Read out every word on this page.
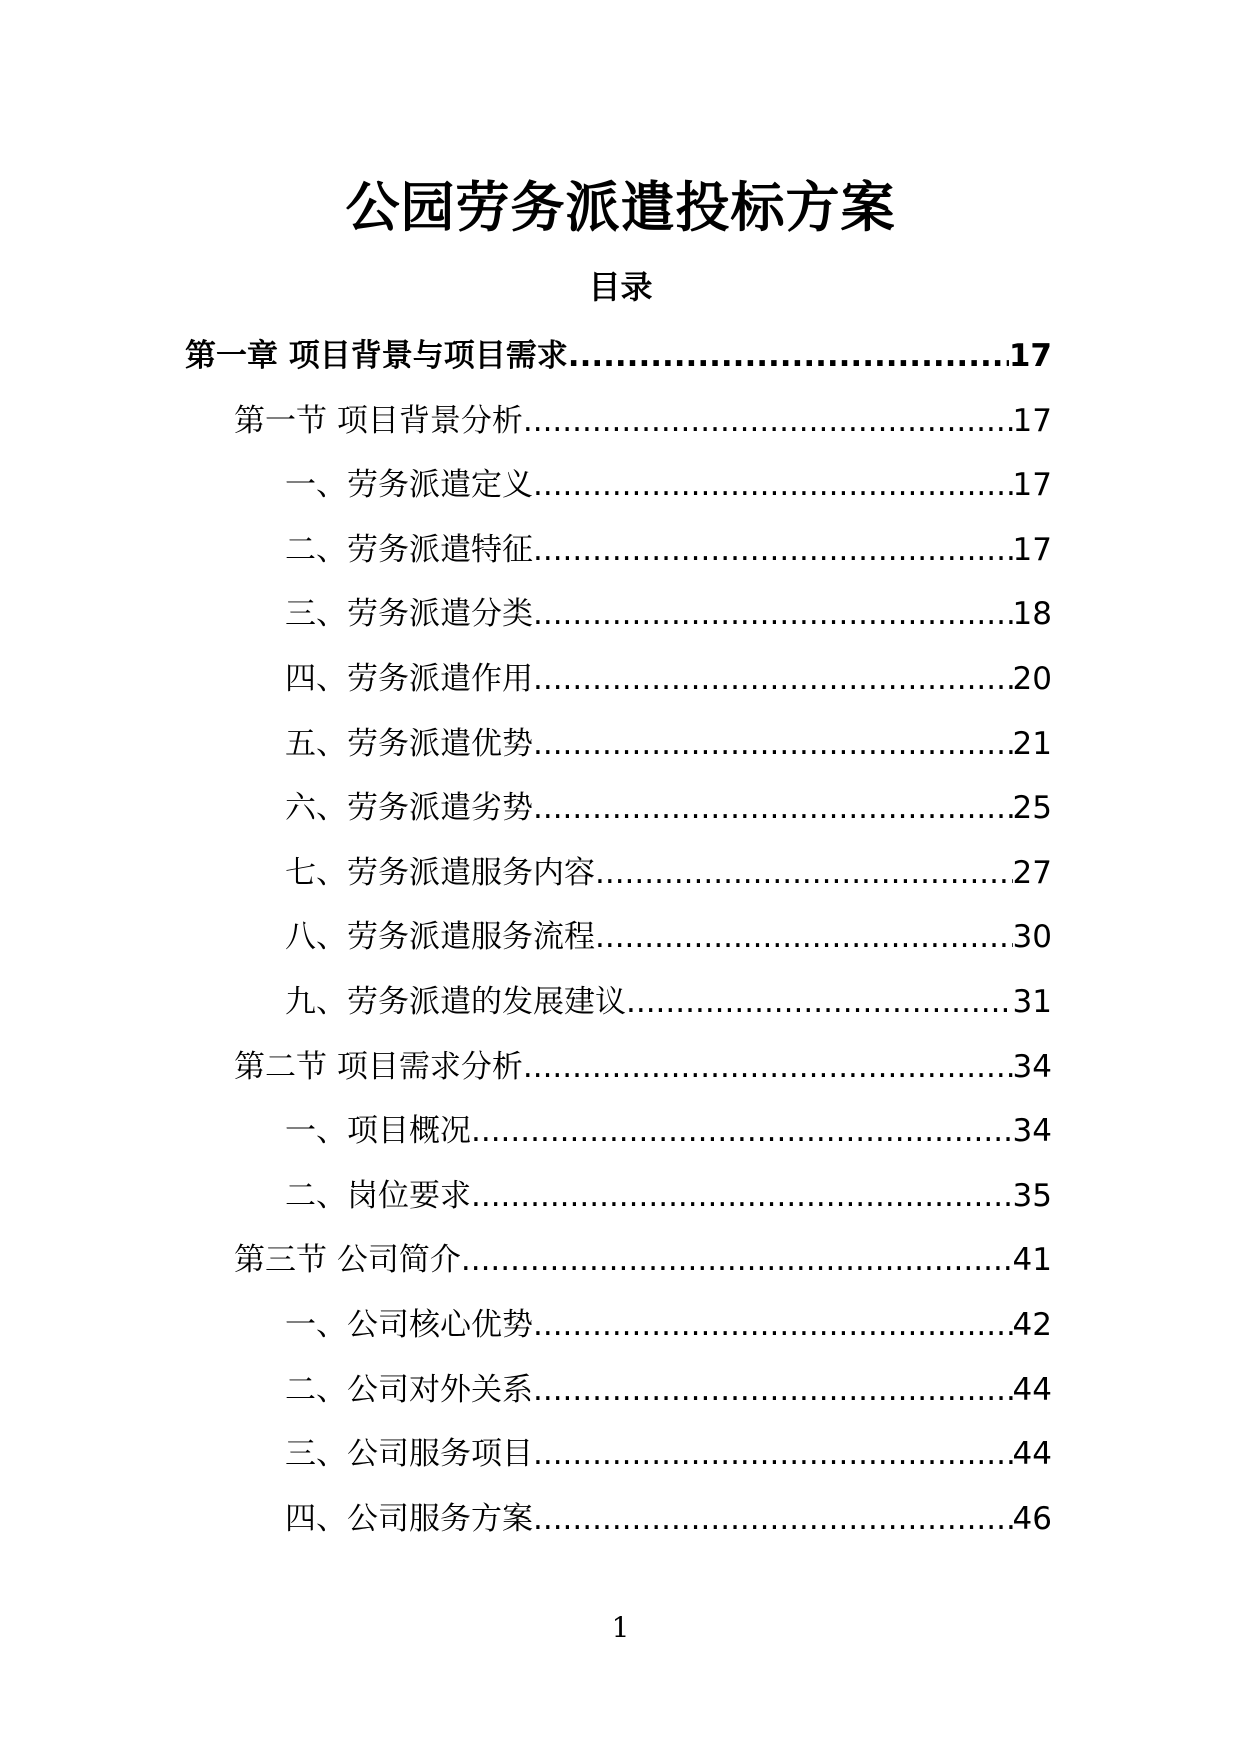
公园劳务派遣投标方案
目录
第一章 项目背景与项目需求 .....	17
第一节 项目背景分析 .....	17
一、劳务派遣定义 .....	17
二、劳务派遣特征 .....	17
三、劳务派遣分类 .....	18
四、劳务派遣作用 .....	20
五、劳务派遣优势 .....	21
六、劳务派遣劣势 .....	25
七、劳务派遣服务内容 .....	27
八、劳务派遣服务流程 .....	30
九、劳务派遣的发展建议 .....	31
第二节 项目需求分析 .....	34
一、项目概况 .....	34
二、岗位要求 .....	35
第三节 公司简介 .....	41
一、公司核心优势 .....	42
二、公司对外关系 .....	44
三、公司服务项目 .....	44
四、公司服务方案 .....	46
1
